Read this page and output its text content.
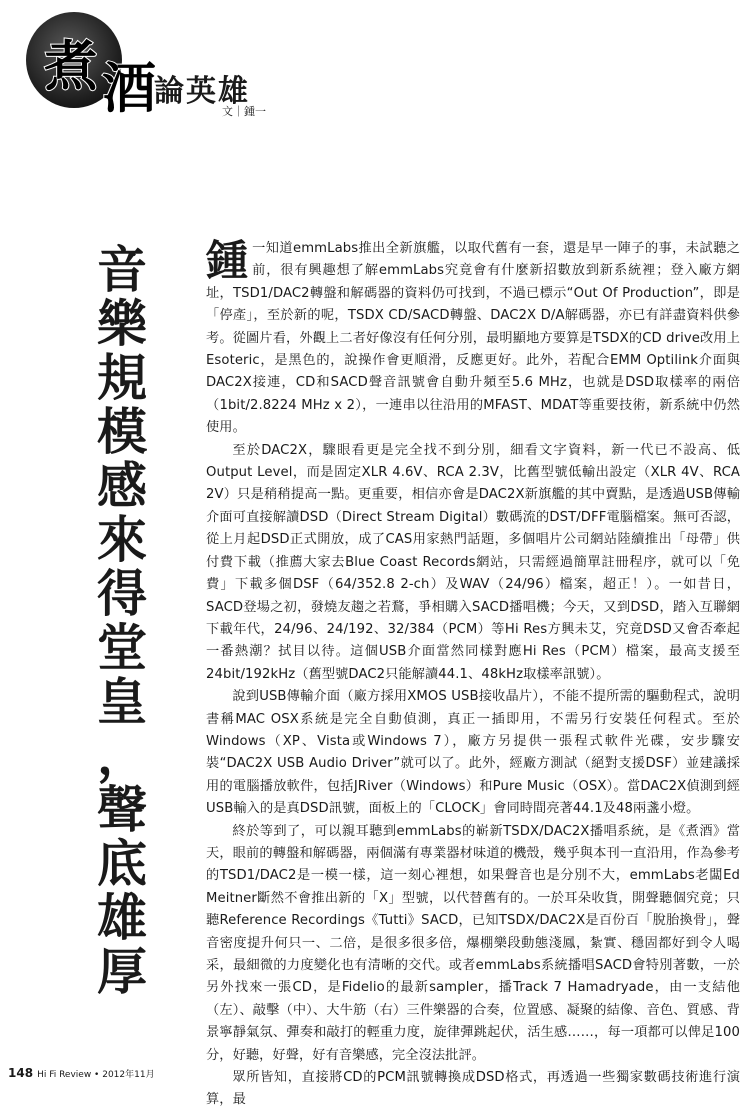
煮 酒
論英雄
文｜鍾一
音
樂
規
模
感
來
得
堂
皇
，
聲
底
雄
厚

鍾一知道emmLabs推出全新旗艦，以取代舊有一套，還是早一陣子的事，未試聽之前，很有興趣想了解emmLabs究竟會有什麼新招數放到新系統裡；登入廠方網址，TSD1/DAC2轉盤和解碼器的資料仍可找到，不過已標示“Out Of Production”，即是「停產」，至於新的呢，TSDX CD/SACD轉盤、DAC2X D/A解碼器，亦已有詳盡資料供參考。從圖片看，外觀上二者好像沒有任何分別，最明顯地方要算是TSDX的CD drive改用上Esoteric，是黑色的，說操作會更順滑，反應更好。此外，若配合EMM Optilink介面與DAC2X接連，CD和SACD聲音訊號會自動升頻至5.6 MHz，也就是DSD取樣率的兩倍（1bit/2.8224 MHz x 2），一連串以往沿用的MFAST、MDAT等重要技術，新系統中仍然使用。

至於DAC2X，驟眼看更是完全找不到分別，細看文字資料，新一代已不設高、低Output Level，而是固定XLR 4.6V、RCA 2.3V，比舊型號低輸出設定（XLR 4V、RCA 2V）只是稍稍提高一點。更重要，相信亦會是DAC2X新旗艦的其中賣點，是透過USB傳輸介面可直接解讀DSD（Direct Stream Digital）數碼流的DST/DFF電腦檔案。無可否認，從上月起DSD正式開放，成了CAS用家熱門話題，多個唱片公司網站陸續推出「母帶」供付費下載（推薦大家去Blue Coast Records網站，只需經過簡單註冊程序，就可以「免費」下載多個DSF（64/352.8 2-ch）及WAV（24/96）檔案，超正！）。一如昔日，SACD登場之初，發燒友趨之若鶩，爭相購入SACD播唱機；今天，又到DSD，踏入互聯網下載年代，24/96、24/192、32/384（PCM）等Hi Res方興未艾，究竟DSD又會否牽起一番熱潮？拭目以待。這個USB介面當然同樣對應Hi Res（PCM）檔案，最高支援至24bit/192kHz（舊型號DAC2只能解讀44.1、48kHz取樣率訊號）。

說到USB傳輸介面（廠方採用XMOS USB接收晶片），不能不提所需的驅動程式，說明書稱MAC OSX系統是完全自動偵測，真正一插即用，不需另行安裝任何程式。至於Windows（XP、Vista或Windows 7），廠方另提供一張程式軟件光碟，安步驟安裝“DAC2X USB Audio Driver”就可以了。此外，經廠方測試（絕對支援DSF）並建議採用的電腦播放軟件，包括JRiver（Windows）和Pure Music（OSX）。當DAC2X偵測到經USB輸入的是真DSD訊號，面板上的「CLOCK」會同時間亮著44.1及48兩盞小燈。

終於等到了，可以親耳聽到emmLabs的嶄新TSDX/DAC2X播唱系統，是《煮酒》當天，眼前的轉盤和解碼器，兩個滿有專業器材味道的機殼，幾乎與本刊一直沿用，作為參考的TSD1/DAC2是一模一樣，這一刻心裡想，如果聲音也是分別不大，emmLabs老闆Ed Meitner斷然不會推出新的「X」型號，以代替舊有的。一於耳朵收貨，開聲聽個究竟；只聽Reference Recordings《Tutti》SACD，已知TSDX/DAC2X是百份百「脫胎換骨」，聲音密度提升何只一、二倍，是很多很多倍，爆棚樂段動態淺鳳，紮實、穩固都好到令人喝采，最細微的力度變化也有清晰的交代。或者emmLabs系統播唱SACD會特別著數，一於另外找來一張CD，是Fidelio的最新sampler，播Track 7 Hamadryade，由一支結他（左）、敲擊（中）、大牛筋（右）三件樂器的合奏，位置感、凝聚的結像、音色、質感、背景寧靜氣氛、彈奏和敲打的輕重力度，旋律彈跳起伏，活生感……，每一項都可以俾足100分，好聽，好聲，好有音樂感，完全沒法批評。

眾所皆知，直接將CD的PCM訊號轉換成DSD格式，再透過一些獨家數碼技術進行演算，最

148 Hi Fi Review • 2012年11月
